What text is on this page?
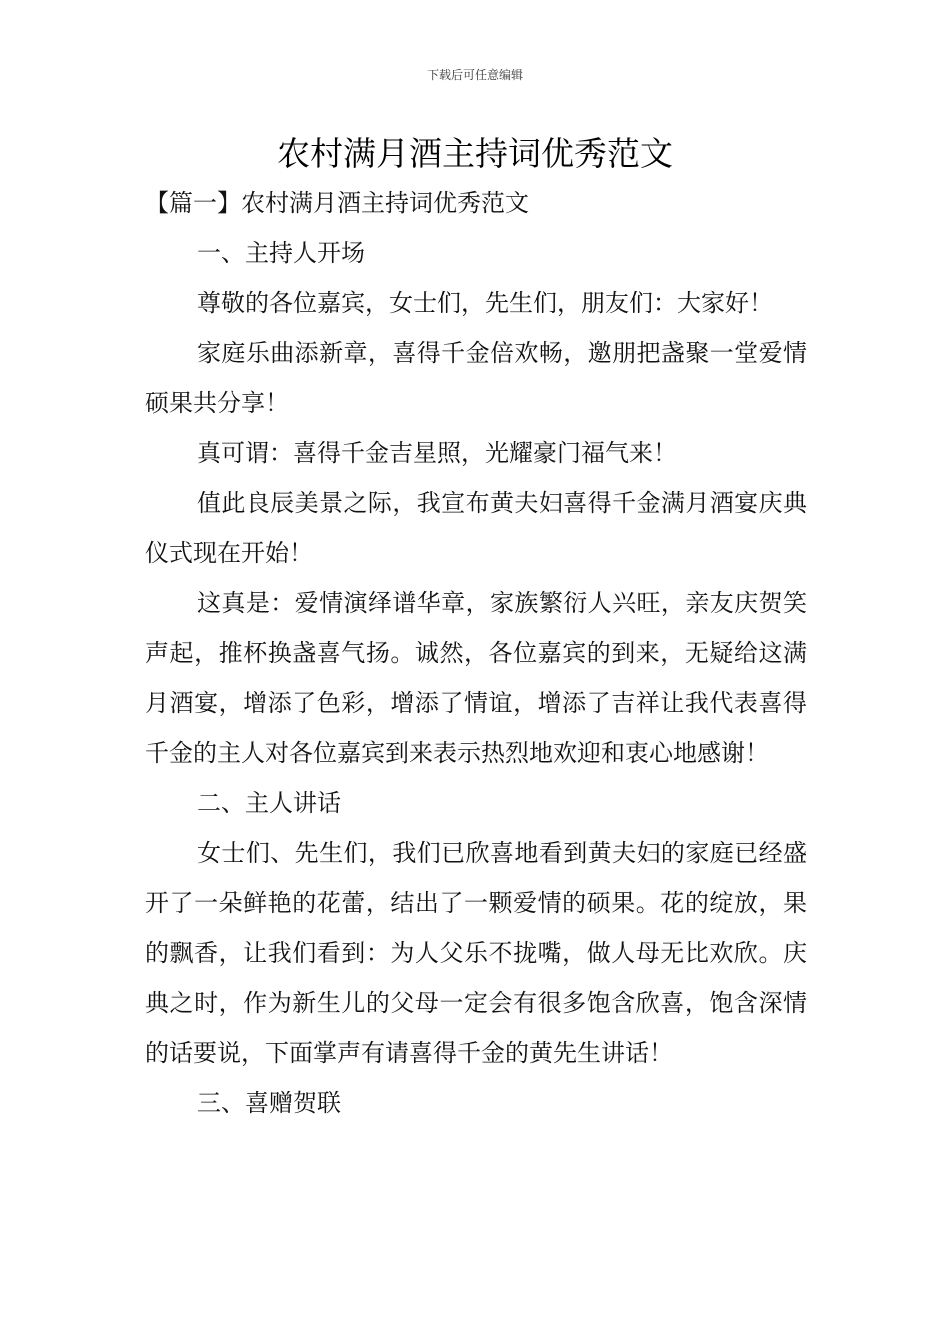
下载后可任意编辑
农村满月酒主持词优秀范文

【篇一】农村满月酒主持词优秀范文

一、主持人开场

尊敬的各位嘉宾，女士们，先生们，朋友们：大家好！

家庭乐曲添新章，喜得千金倍欢畅，邀朋把盏聚一堂爱情硕果共分享！

真可谓：喜得千金吉星照，光耀豪门福气来！

值此良辰美景之际，我宣布黄夫妇喜得千金满月酒宴庆典仪式现在开始！

这真是：爱情演绎谱华章，家族繁衍人兴旺，亲友庆贺笑声起，推杯换盏喜气扬。诚然，各位嘉宾的到来，无疑给这满月酒宴，增添了色彩，增添了情谊，增添了吉祥让我代表喜得千金的主人对各位嘉宾到来表示热烈地欢迎和衷心地感谢！

二、主人讲话

女士们、先生们，我们已欣喜地看到黄夫妇的家庭已经盛开了一朵鲜艳的花蕾，结出了一颗爱情的硕果。花的绽放，果的飘香，让我们看到：为人父乐不拢嘴，做人母无比欢欣。庆典之时，作为新生儿的父母一定会有很多饱含欣喜，饱含深情的话要说，下面掌声有请喜得千金的黄先生讲话！

三、喜赠贺联
